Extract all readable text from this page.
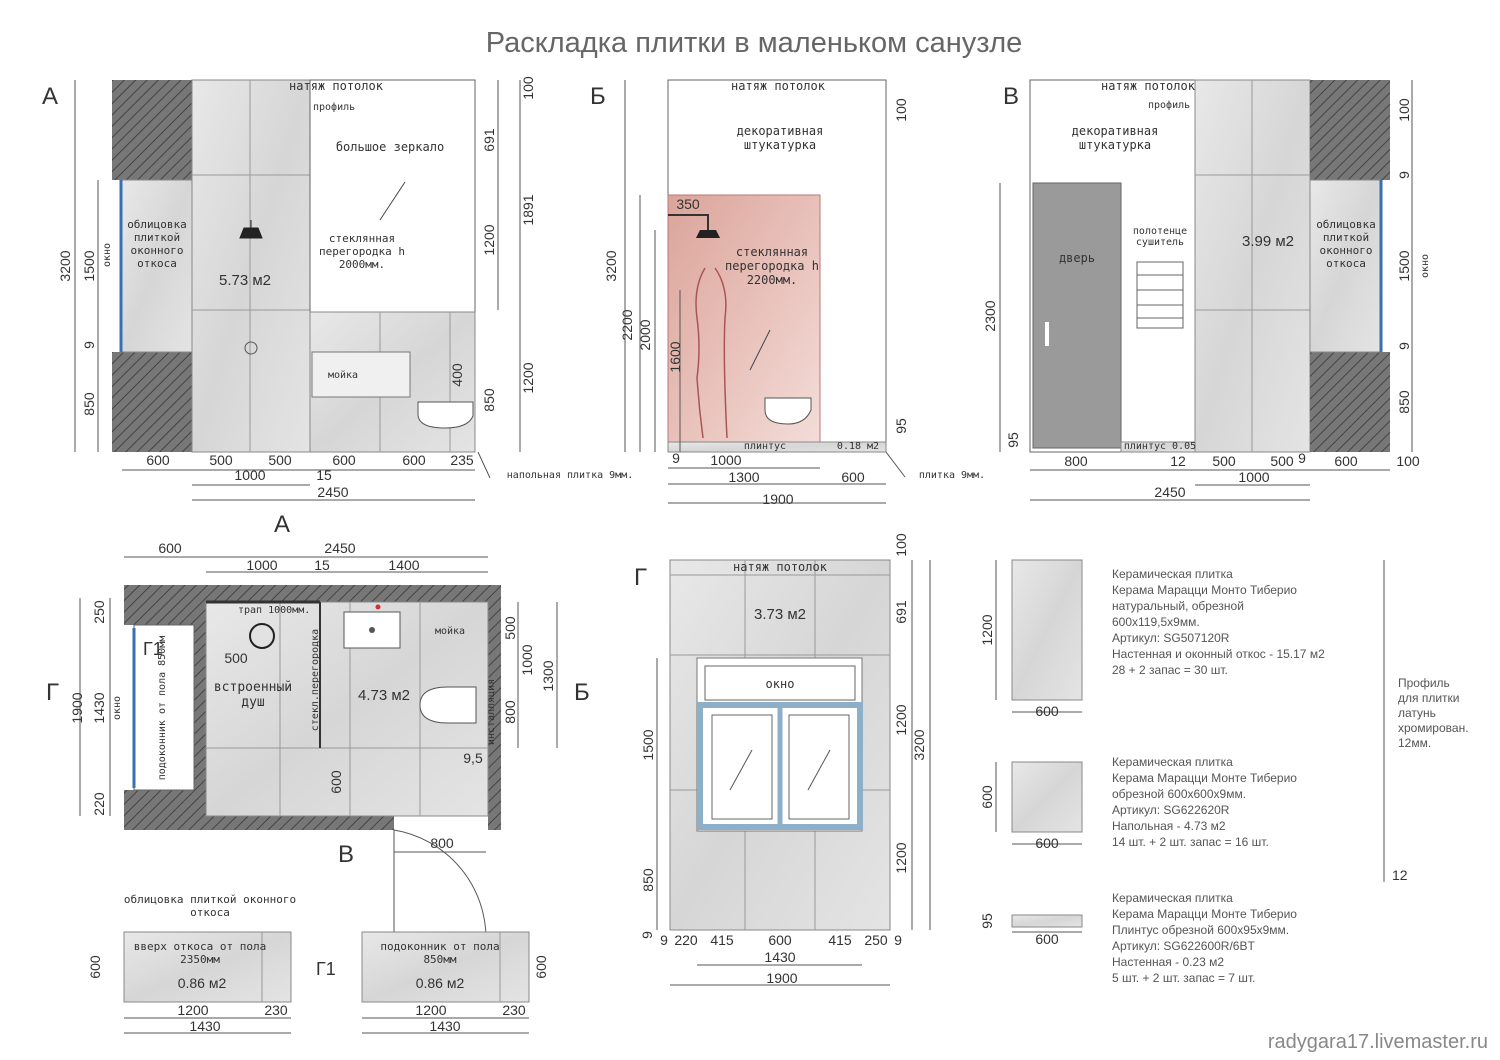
Раскладка плитки в маленьком санузле
А	натяж потолок
профиль
большое зеркало
стеклянная перегородка h 2000мм.
облицовка плиткой оконного откоса
5.73 м2
мойка
окно
3200 1500
9
850
100
691
1891
1200
1200
400
850
600	500	500	600	600 235
1000	15
2450
напольная плитка 9мм.
Б	натяж потолок
декоративная штукатурка
стеклянная перегородка h 2200мм.
плинтус	0.18 м2
350
3200
2200 2000
1600
100
95
9 1000
1300	600
1900
плитка 9мм.
В	натяж потолок
профиль
декоративная штукатурка
дверь
полотенце сушитель	3.99 м2
плинтус 0.05
облицовка плиткой оконного откоса	окно
2300
95
100
9
1500
9
850
800	12 500 500 9 600	100
1000
2450
А
Г	Б
В
трап 1000мм.
Г1
встроенный душ	стекл.перегородка 4.73 м2
мойка
инсталляция
подоконник от пола 850мм
окно
9,5
600	2450
1000	15	1400
250
1900 1430
220
500
1000
1300
800
500
600
800
облицовка плиткой оконного откоса
вверх откоса от пола 2350мм
0.86 м2
подоконник от пола 850мм
0.86 м2
Г1
600
1200	230
1430
600
1200	230
1430
Г	натяж потолок
3.73 м2
окно
1500
850
9
100
691
1200
1200
3200
9 220 415 600	415 250 9
1430
1900
1200
600
600
600
95
600
Керамическая плитка Керама Марацци Монто Тиберио натуральный, обрезной 600х119,5х9мм. Артикул: SG507120R Настенная и оконный откос - 15.17 м2 28 + 2 запас = 30 шт.
Керамическая плитка Керама Марацци Монте Тиберио обрезной 600х600х9мм. Артикул: SG622620R Напольная - 4.73 м2 14 шт. + 2 шт. запас = 16 шт.
Керамическая плитка Керама Марацци Монте Тиберио Плинтус обрезной 600х95х9мм. Артикул: SG622600R/6BT Настенная - 0.23 м2 5 шт. + 2 шт. запас = 7 шт.
Профиль для плитки латунь хромирован. 12мм.
12
radygara17.livemaster.ru
